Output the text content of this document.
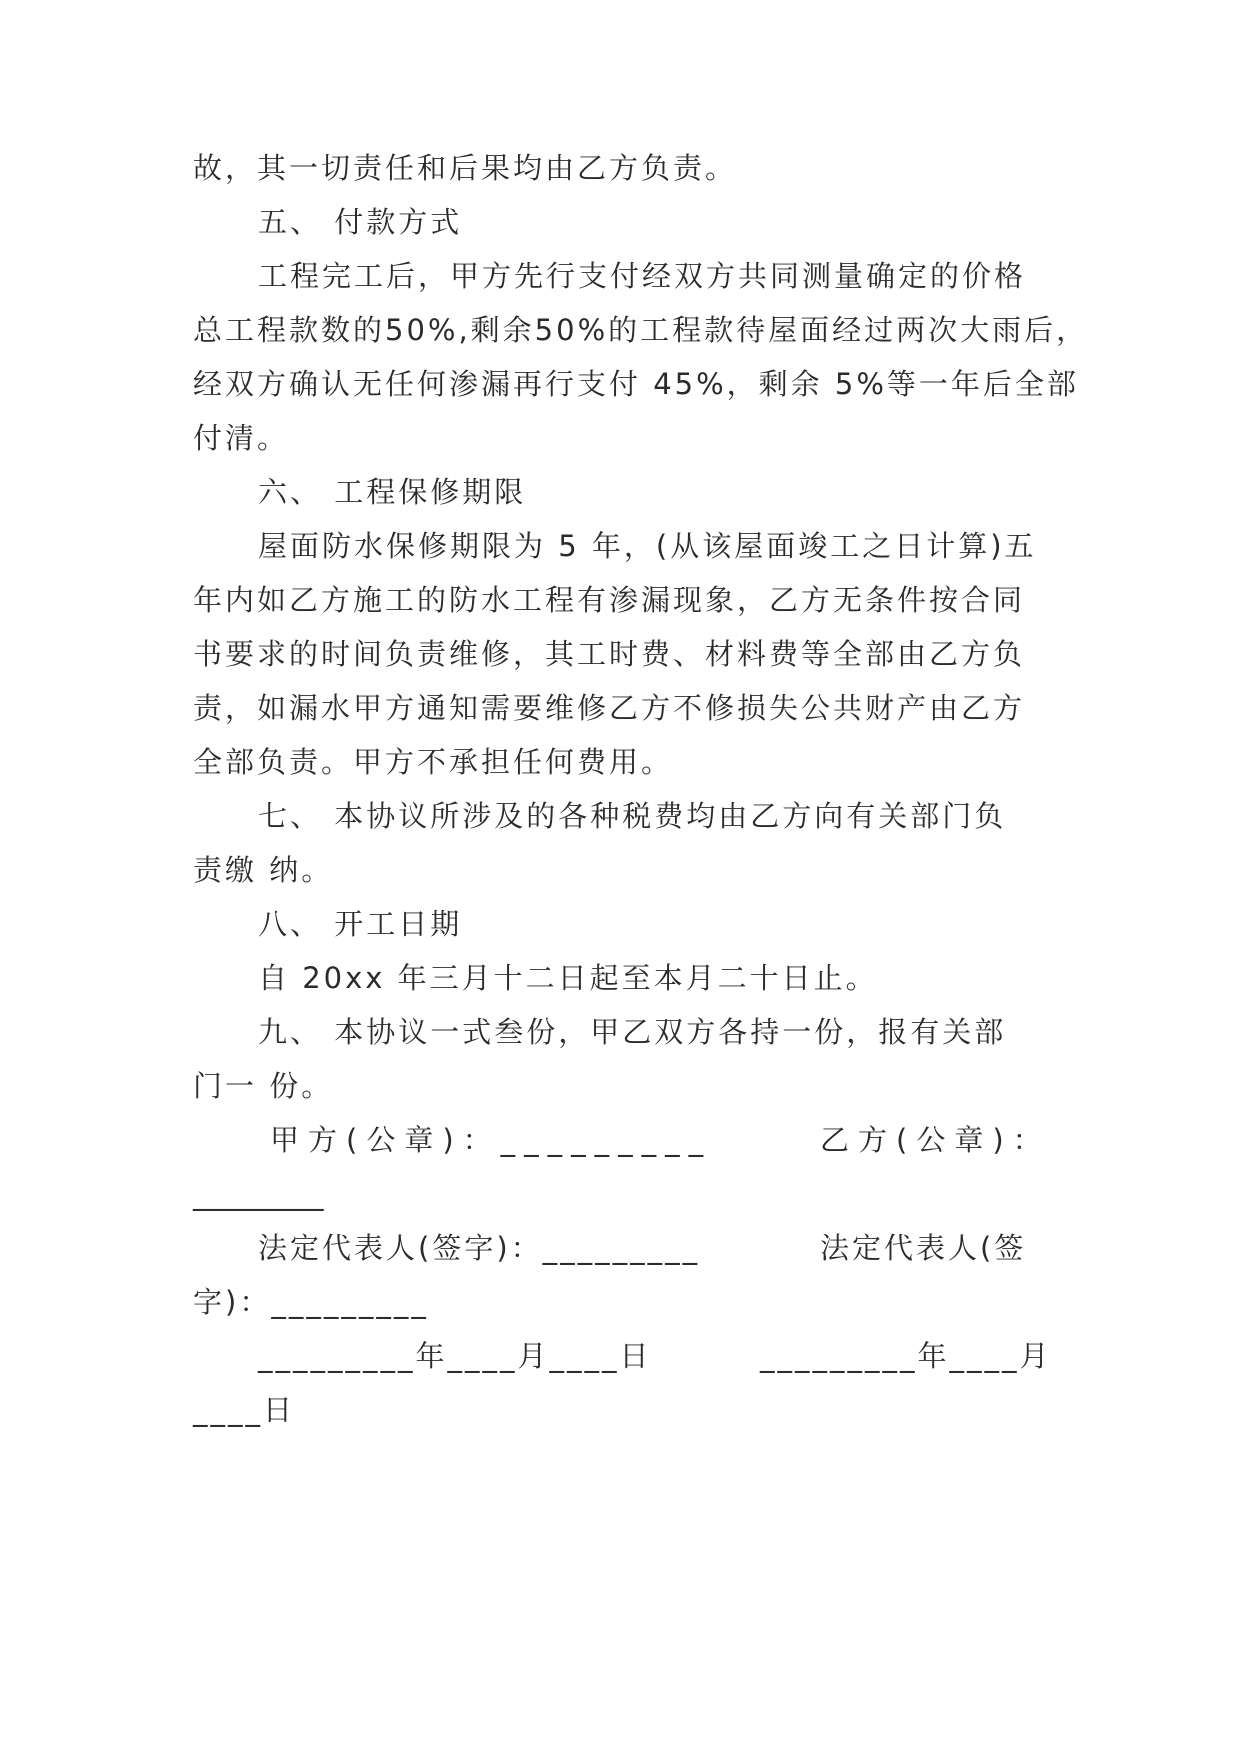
故，其一切责任和后果均由乙方负责。

五、 付款方式

工程完工后，甲方先行支付经双方共同测量确定的价格

总工程款数的50%,剩余50%的工程款待屋面经过两次大雨后，

经双方确认无任何渗漏再行支付 45%，剩余 5%等一年后全部

付清。

六、 工程保修期限

屋面防水保修期限为 5 年，(从该屋面竣工之日计算)五

年内如乙方施工的防水工程有渗漏现象，乙方无条件按合同

书要求的时间负责维修，其工时费、材料费等全部由乙方负

责，如漏水甲方通知需要维修乙方不修损失公共财产由乙方

全部负责。甲方不承担任何费用。

七、 本协议所涉及的各种税费均由乙方向有关部门负

责缴 纳。

八、 开工日期

自 20xx 年三月十二日起至本月二十日止。

九、 本协议一式叁份，甲乙双方各持一份，报有关部

门一 份。

甲方(公章)：_________	乙方(公章)：

_________

法定代表人(签字)：_________	法定代表人(签

字)：_________

_________年____月____日	_________年____月

____日
